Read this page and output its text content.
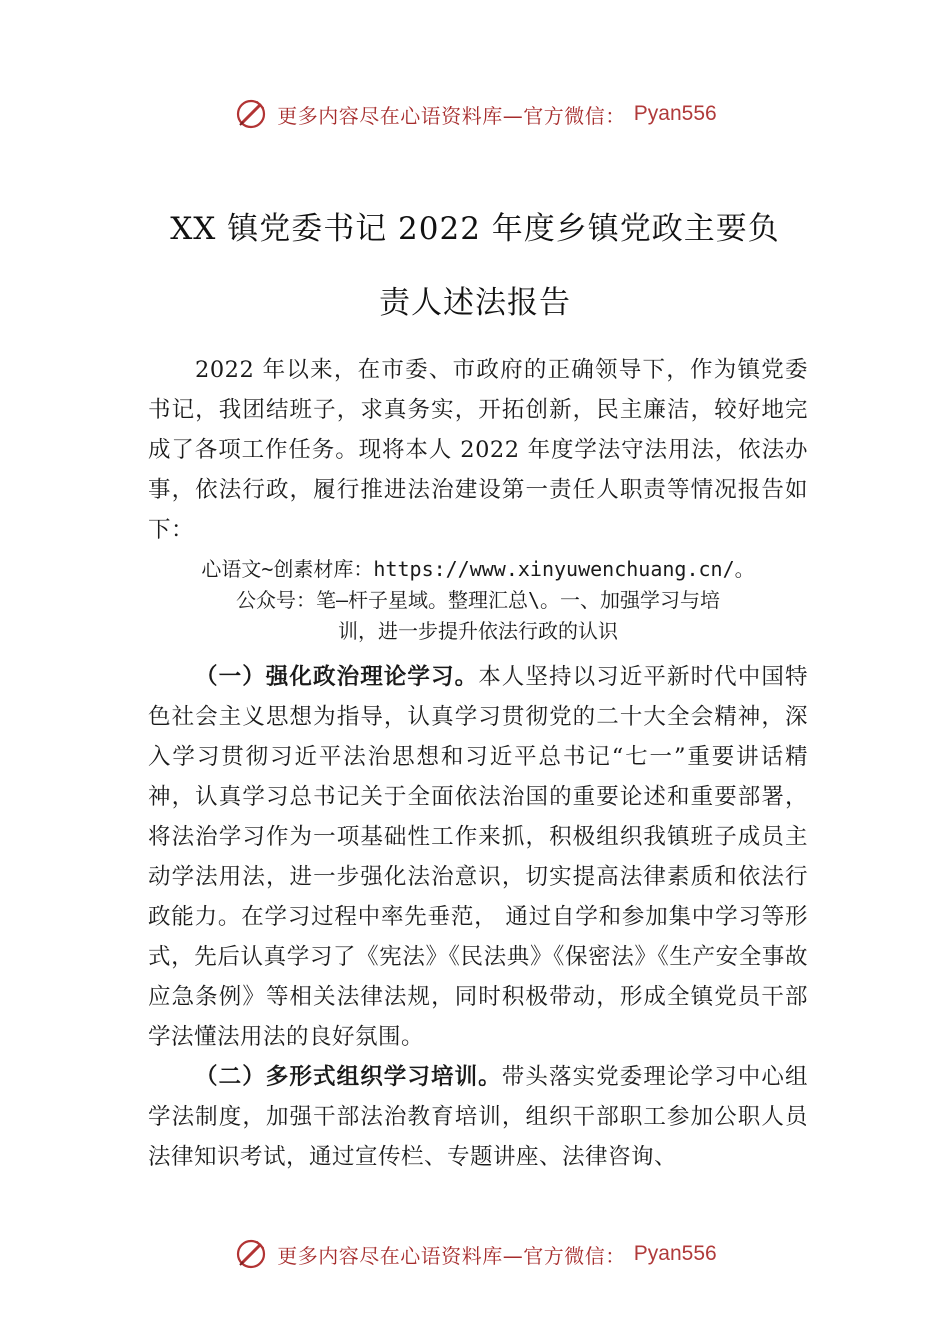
更多内容尽在心语资料库—官方微信： Pyan556
XX 镇党委书记 2022 年度乡镇党政主要负
责人述法报告

2022 年以来，在市委、市政府的正确领导下，作为镇党委书记，我团结班子，求真务实，开拓创新，民主廉洁，较好地完成了各项工作任务。现将本人 2022 年度学法守法用法，依法办事，依法行政，履行推进法治建设第一责任人职责等情况报告如下：

心语文~创素材库：https://www.xinyuwenchuang.cn/。
公众号：笔—杆子星域。整理汇总\。一、加强学习与培
训，进一步提升依法行政的认识

（一）强化政治理论学习。本人坚持以习近平新时代中国特色社会主义思想为指导，认真学习贯彻党的二十大全会精神，深入学习贯彻习近平法治思想和习近平总书记“七一”重要讲话精神，认真学习总书记关于全面依法治国的重要论述和重要部署，将法治学习作为一项基础性工作来抓，积极组织我镇班子成员主动学法用法，进一步强化法治意识，切实提高法律素质和依法行政能力。在学习过程中率先垂范， 通过自学和参加集中学习等形式，先后认真学习了《宪法》《民法典》《保密法》《生产安全事故应急条例》等相关法律法规，同时积极带动，形成全镇党员干部学法懂法用法的良好氛围。

（二）多形式组织学习培训。带头落实党委理论学习中心组学法制度，加强干部法治教育培训，组织干部职工参加公职人员法律知识考试，通过宣传栏、专题讲座、法律咨询、

更多内容尽在心语资料库—官方微信： Pyan556
